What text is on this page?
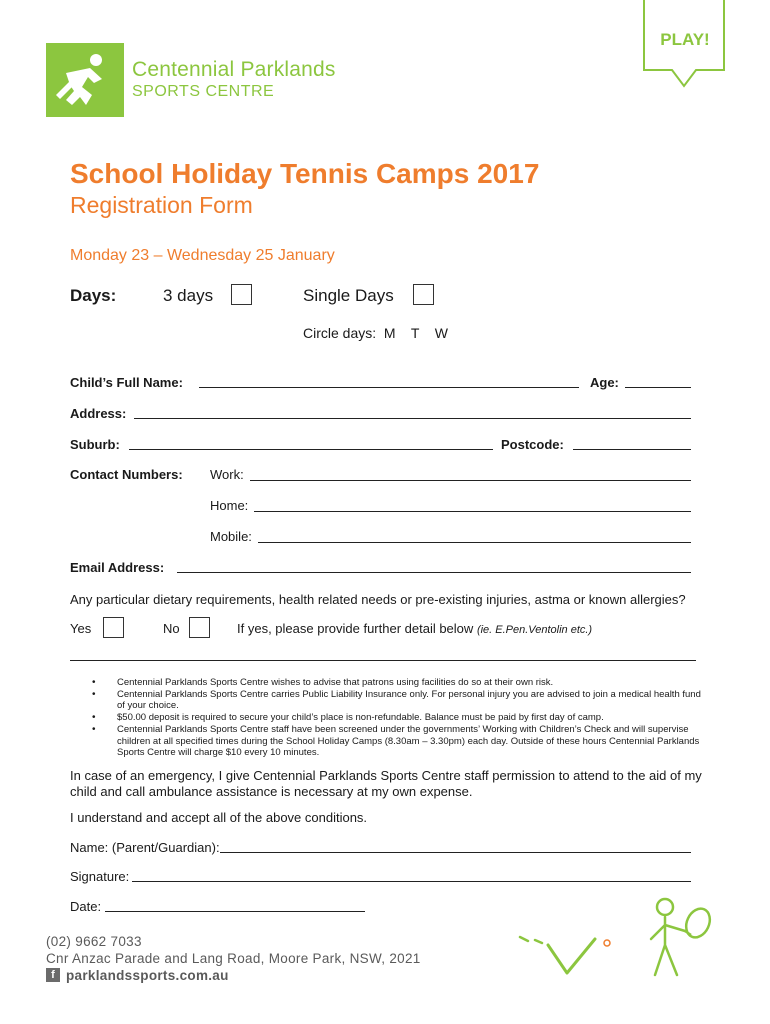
Centennial Parklands
SPORTS CENTRE
PLAY!
School Holiday Tennis Camps 2017
Registration Form
Monday 23 – Wednesday 25 January
Days:	3 days	Single Days
Circle days:  M    T    W
Child’s Full Name:	Age:
Address:
Suburb:	Postcode:
Contact Numbers: Work:
Home:
Mobile:
Email Address:
Any particular dietary requirements, health related needs or pre-existing injuries, astma or known allergies?
Yes	No	If yes, please provide further detail below (ie. E.Pen.Ventolin etc.)
• Centennial Parklands Sports Centre wishes to advise that patrons using facilities do so at their own risk.
• Centennial Parklands Sports Centre carries Public Liability Insurance only. For personal injury you are advised to join a medical health fund of your choice.
• $50.00 deposit is required to secure your child’s place is non-refundable. Balance must be paid by first day of camp.
• Centennial Parklands Sports Centre staff have been screened under the governments’ Working with Children’s Check and will supervise children at all specified times during the School Holiday Camps (8.30am – 3.30pm) each day. Outside of these hours Centennial Parklands Sports Centre will charge $10 every 10 minutes.
In case of an emergency, I give Centennial Parklands Sports Centre staff permission to attend to the aid of my child and call ambulance assistance is necessary at my own expense.
I understand and accept all of the above conditions.
Name: (Parent/Guardian):
Signature:
Date:
(02) 9662 7033
Cnr Anzac Parade and Lang Road, Moore Park, NSW, 2021
f parklandssports.com.au
